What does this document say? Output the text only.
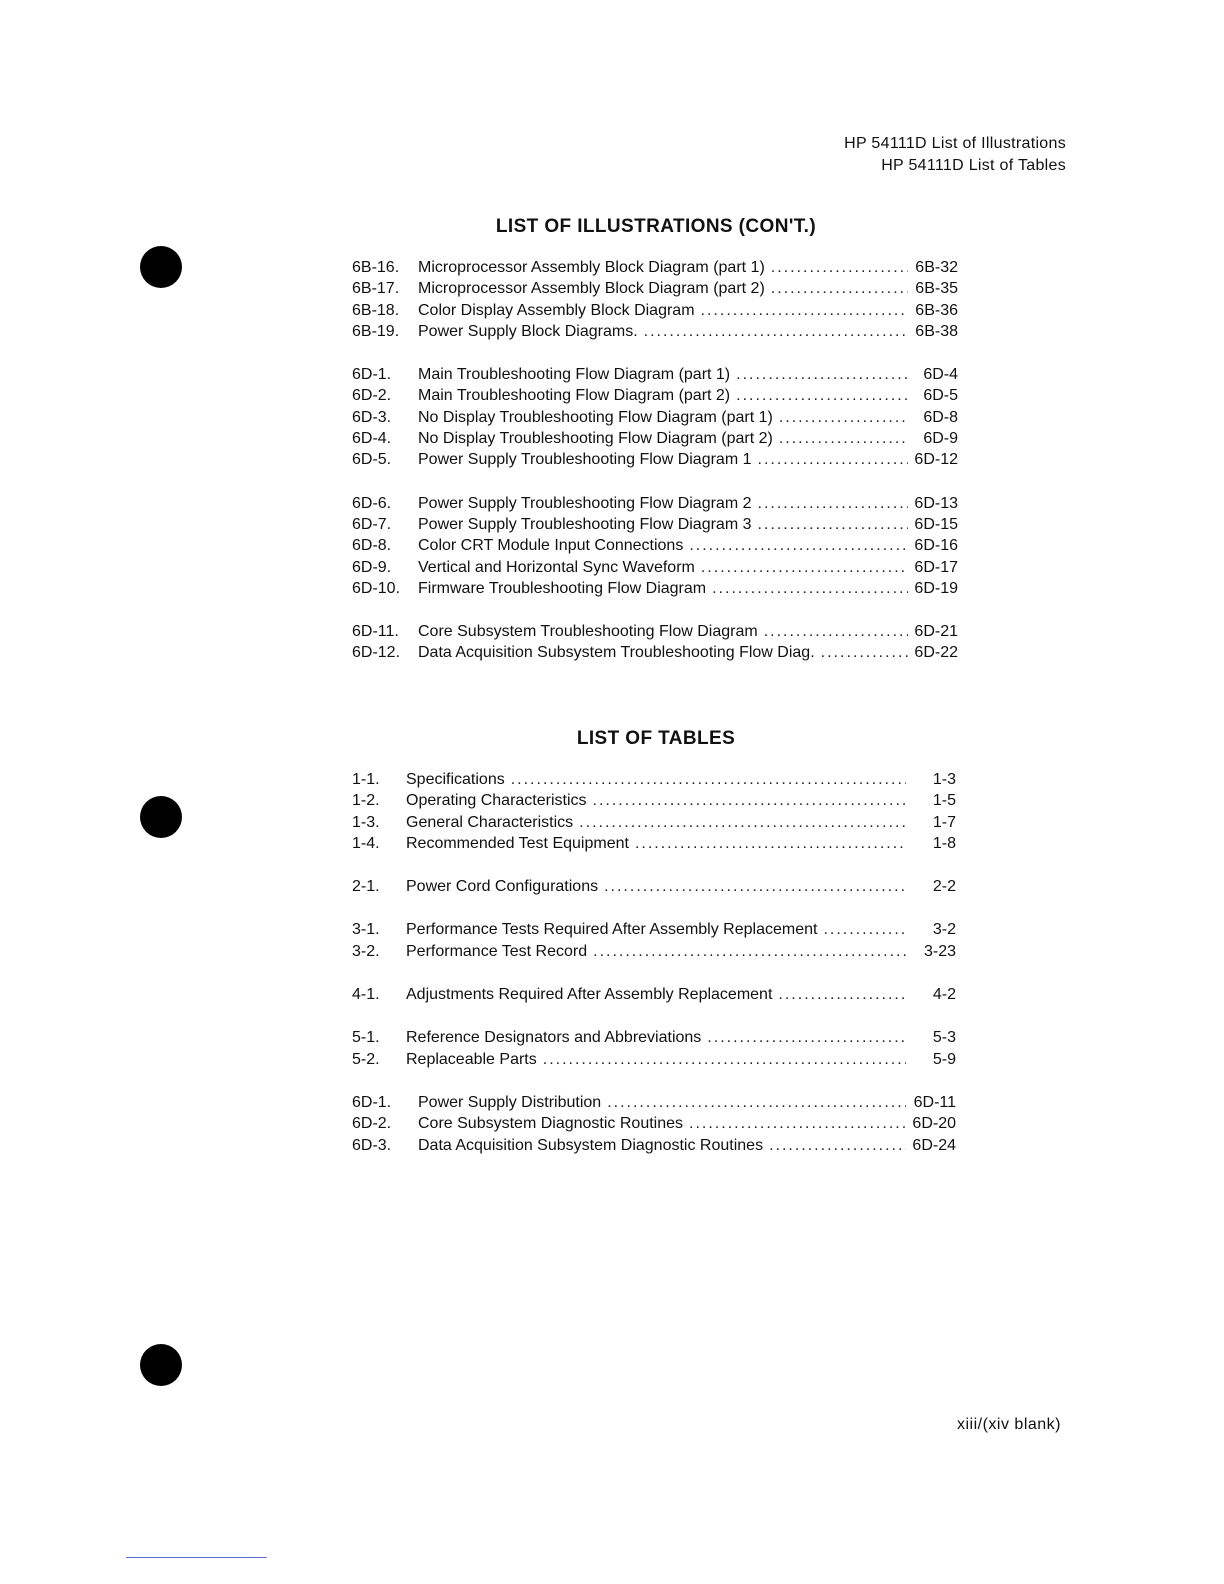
HP 54111D List of Illustrations
HP 54111D List of Tables
LIST OF ILLUSTRATIONS (CON'T.)
6B-16.	Microprocessor Assembly Block Diagram (part 1) .....	6B-32
6B-17.	Microprocessor Assembly Block Diagram (part 2) .....	6B-35
6B-18.	Color Display Assembly Block Diagram .....	6B-36
6B-19.	Power Supply Block Diagrams. .....	6B-38
6D-1.	Main Troubleshooting Flow Diagram (part 1) .....	6D-4
6D-2.	Main Troubleshooting Flow Diagram (part 2) .....	6D-5
6D-3.	No Display Troubleshooting Flow Diagram (part 1) .....	6D-8
6D-4.	No Display Troubleshooting Flow Diagram (part 2) .....	6D-9
6D-5.	Power Supply Troubleshooting Flow Diagram 1 .....	6D-12
6D-6.	Power Supply Troubleshooting Flow Diagram 2 .....	6D-13
6D-7.	Power Supply Troubleshooting Flow Diagram 3 .....	6D-15
6D-8.	Color CRT Module Input Connections .....	6D-16
6D-9.	Vertical and Horizontal Sync Waveform .....	6D-17
6D-10.	Firmware Troubleshooting Flow Diagram .....	6D-19
6D-11.	Core Subsystem Troubleshooting Flow Diagram .....	6D-21
6D-12.	Data Acquisition Subsystem Troubleshooting Flow Diag. .....	6D-22
LIST OF TABLES
1-1.	Specifications .....	1-3
1-2.	Operating Characteristics .....	1-5
1-3.	General Characteristics .....	1-7
1-4.	Recommended Test Equipment .....	1-8
2-1.	Power Cord Configurations .....	2-2
3-1.	Performance Tests Required After Assembly Replacement .....	3-2
3-2.	Performance Test Record .....	3-23
4-1.	Adjustments Required After Assembly Replacement .....	4-2
5-1.	Reference Designators and Abbreviations .....	5-3
5-2.	Replaceable Parts .....	5-9
6D-1.	Power Supply Distribution .....	6D-11
6D-2.	Core Subsystem Diagnostic Routines .....	6D-20
6D-3.	Data Acquisition Subsystem Diagnostic Routines .....	6D-24
xiii/(xiv blank)
